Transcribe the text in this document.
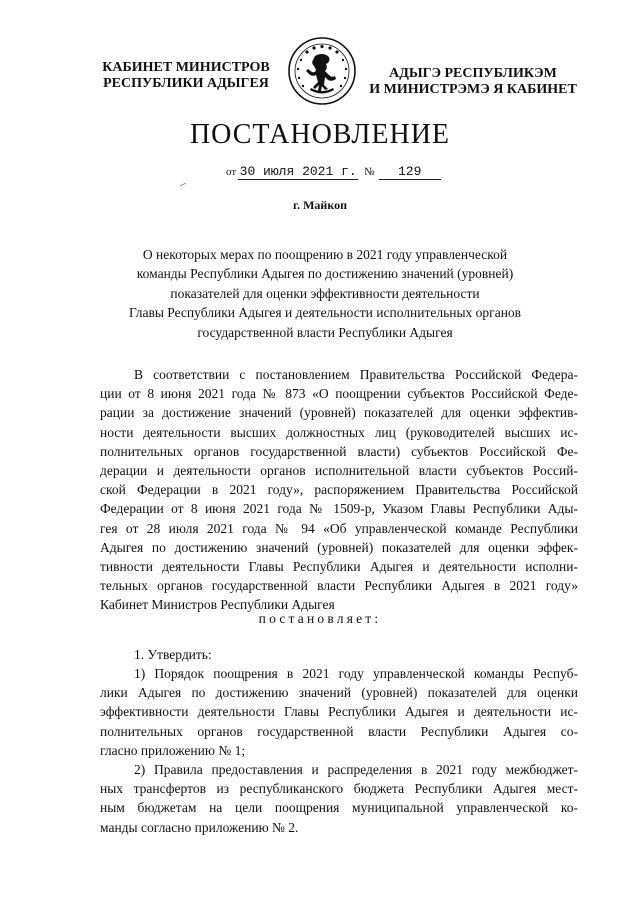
КАБИНЕТ МИНИСТРОВ
РЕСПУБЛИКИ АДЫГЕЯ
АДЫГЭ РЕСПУБЛИКЭМ
И МИНИСТРЭМЭ Я КАБИНЕТ
ПОСТАНОВЛЕНИЕ
от 30 июля 2021 г. № 129
г. Майкоп
О некоторых мерах по поощрению в 2021 году управленческой
команды Республики Адыгея по достижению значений (уровней)
показателей для оценки эффективности деятельности
Главы Республики Адыгея и деятельности исполнительных органов
государственной власти Республики Адыгея
В соответствии с постановлением Правительства Российской Федера-
ции от 8 июня 2021 года № 873 «О поощрении субъектов Российской Феде-
рации за достижение значений (уровней) показателей для оценки эффектив-
ности деятельности высших должностных лиц (руководителей высших ис-
полнительных органов государственной власти) субъектов Российской Фе-
дерации и деятельности органов исполнительной власти субъектов Россий-
ской Федерации в 2021 году», распоряжением Правительства Российской
Федерации от 8 июня 2021 года № 1509-р, Указом Главы Республики Ады-
гея от 28 июля 2021 года № 94 «Об управленческой команде Республики
Адыгея по достижению значений (уровней) показателей для оценки эффек-
тивности деятельности Главы Республики Адыгея и деятельности исполни-
тельных органов государственной власти Республики Адыгея в 2021 году»
Кабинет Министров Республики Адыгея
постановляет:
1. Утвердить:
1) Порядок поощрения в 2021 году управленческой команды Респуб-
лики Адыгея по достижению значений (уровней) показателей для оценки
эффективности деятельности Главы Республики Адыгея и деятельности ис-
полнительных органов государственной власти Республики Адыгея со-
гласно приложению № 1;
2) Правила предоставления и распределения в 2021 году межбюджет-
ных трансфертов из республиканского бюджета Республики Адыгея мест-
ным бюджетам на цели поощрения муниципальной управленческой ко-
манды согласно приложению № 2.
